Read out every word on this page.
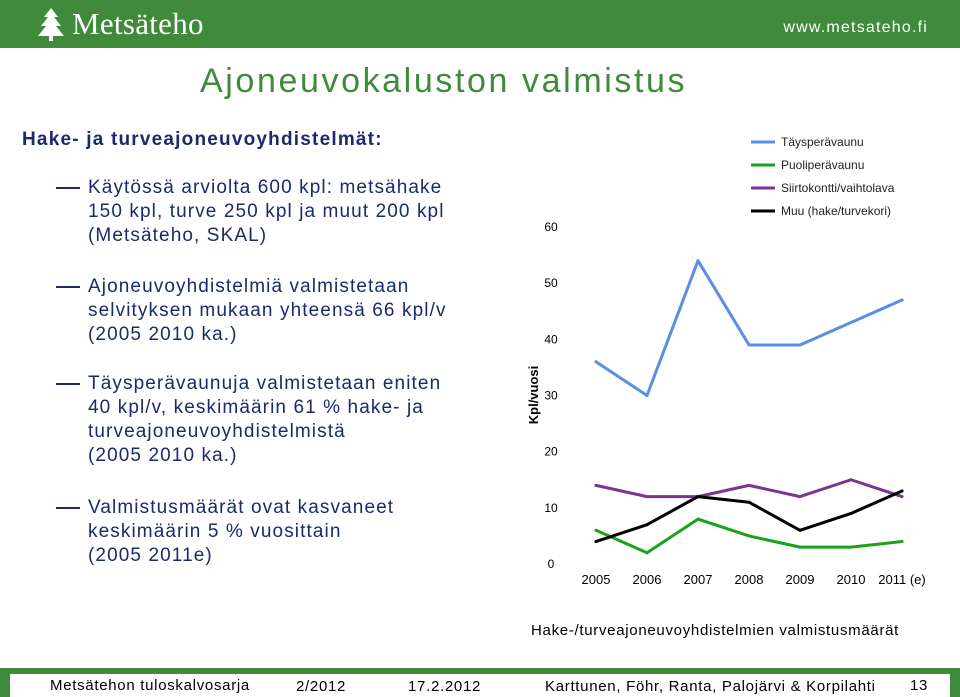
Metsäteho	www.metsateho.fi
Ajoneuvokaluston valmistus
Hake- ja turveajoneuvoyhdistelmät:
Käytössä arviolta 600 kpl: metsähake
150 kpl, turve 250 kpl ja muut 200 kpl
(Metsäteho, SKAL)
Ajoneuvoyhdistelmiä valmistetaan
selvityksen mukaan yhteensä 66 kpl/v
(2005 2010 ka.)
Täysperävaunuja valmistetaan eniten
40 kpl/v, keskimäärin 61 % hake- ja
turveajoneuvoyhdistelmistä
(2005 2010 ka.)
Valmistusmäärät ovat kasvaneet
keskimäärin 5 % vuosittain
(2005 2011e)	0
10
20
30
40
50
60
2005 2006 2007 2008 2009 2010 2011 (e)
Kpl/vuosi
Täysperävaunu
Puoliperävaunu
Siirtokontti/vaihtolava
Muu (hake/turvekori)
Hake-/turveajoneuvoyhdistelmien valmistusmäärät
Metsätehon tuloskalvosarja	2/2012	17.2.2012	Karttunen, Föhr, Ranta, Palojärvi & Korpilahti 13
